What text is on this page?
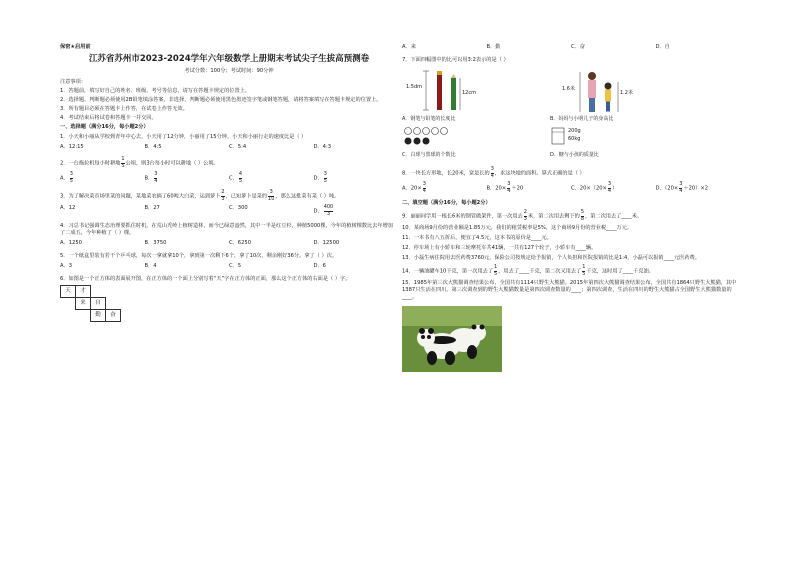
保密★启用前
江苏省苏州市2023-2024学年六年级数学上册期末考试尖子生拔高预测卷
考试分数：100分；考试时间：90分钟
注意事项：
1．答题前，填写好自己的姓名、班级、考号等信息，请写在答题卡规定的位置上。
2．选择题、判断题必须使用2B铅笔填涂答案，非选择、判断题必须使用黑色墨迹签字笔或钢笔答题，请将答案填写在答题卡规定的位置上。
3．所有题目必须在答题卡上作答，在试卷上作答无效。
4．考试结束后将试卷和答题卡一并交回。
一、选择题（满分16分，每小题2分）
1．小天和小丽从学校到青年中心去，小天用了12分钟，小丽用了15分钟。小天和小丽行走的速度比是（ ）
A．12:15	B．4:5	C．5:4	D．4:3
2．一台拖拉机每小时耕地 $\frac{1}{5}$ 公顷，则3台每小时可以耕地（ ）公顷。
A． $\frac{3}{5}$	B． $\frac{3}{4}$	C． $\frac{4}{5}$	D． $\frac{3}{5}$
3．为了解决菜市场里菜的问题，某地菜农摘了60吨大白菜，运到萝卜 $\frac{2}{3}$ ，已知萝卜是菜的 $\frac{3}{10}$ ，那么这批菜有菜（ ）吨。
A．12	B．27	C．300
D． $\frac{400}{3}$
4．习总书记强调生态治理要抓住时机，在荒山秃岭上植树造林，而今已绿意盎然，其中一半是红豆杉，种植5000棵，今年的植树棵数比去年增加了二成五，今年种植了（ ）棵。
A．1250	B．3750	C．6250	D．12500
5．一个纸盒里装有若干个乒乓球，每次一拿就拿10个，拿到第一次剩下6个，拿了10次，剩余刚好36分。拿了（ ）次。
A．3	B．4	C．5	D．6
6．如图是一个正方体的表面展开图，在正方体的一个面上分别写着“天”字在正方体的正面，那么这个正方体的右面是（ ）字。
天	才
来	自
勤	奋
A．来	B．勤	C．奋	D．自
7．下面四幅图中的比可以用3:2表示的是（ ）
1.5dm
12cm
A．钢笔与铅笔的长度比
1.6米
1.2米
B．妈妈与小明儿子的身高比
C．白球与黑球的个数比
200g
60kg
D．糖与小孩的质量比
8．一块长方形地，长20米，宽是长的 $\frac{3}{4}$ ，求这块地的面积。算式正确的是（ ）
A．$20\times \frac{3}{4}$	B．$20\times \frac{3}{4} +20$	C．$20\times(20\times \frac{3}{4}$ ）	D．$(20\times \frac{3}{4} +20)\times 2$
二、填空题（满分16分，每小题2分）
9．丽丽同学用一根长6米的钢管做架件，第一次用去 $\frac{2}{3}$ 米，第二次用去剩下的 $\frac{5}{8}$ ，第二次用去了____米。
10．某商场9月份的营业额是1.85万元，我们的租赁税率是5%，这个商场9月份的营业税____万元。
11．一本书有八五折后，便宜了4.5元，这本书的原价是____元。
12．停车场上有小轿车和三轮摩托车共41辆，一共有127个轮子，小轿车有____辆。
13．小磊生病住院用去医药费3760元，保险公司按规定给予报销，个人负担和医院报销的比是1:4，小磊可以报销____元医药费。
14．一辆油罐车10千克，第一次用去了 $\frac{1}{5}$ ，用去了____千克，第二次又用去了 $\frac{1}{5}$ 千克，这时用了____千克油。
15．1985年第三次大熊猫调查结果公布，全国共有1114只野生大熊猫。2015年第四次大熊猫调查结果公布，全国共有1864只野生大熊猫，其中1387只生活在四川。第三次调查到的野生大熊猫数量是第四次调查数量的____；第四次调查，生活在四川的野生大熊猫占全国野生大熊猫数量的____。
